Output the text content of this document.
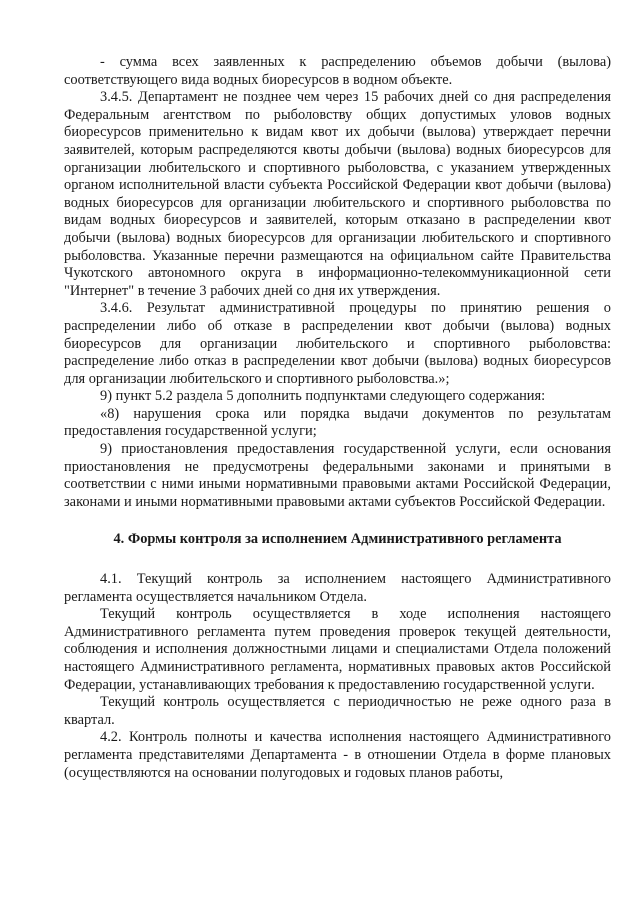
- сумма всех заявленных к распределению объемов добычи (вылова) соответствующего вида водных биоресурсов в водном объекте.

3.4.5. Департамент не позднее чем через 15 рабочих дней со дня распределения Федеральным агентством по рыболовству общих допустимых уловов водных биоресурсов применительно к видам квот их добычи (вылова) утверждает перечни заявителей, которым распределяются квоты добычи (вылова) водных биоресурсов для организации любительского и спортивного рыболовства, с указанием утвержденных органом исполнительной власти субъекта Российской Федерации квот добычи (вылова) водных биоресурсов для организации любительского и спортивного рыболовства по видам водных биоресурсов и заявителей, которым отказано в распределении квот добычи (вылова) водных биоресурсов для организации любительского и спортивного рыболовства. Указанные перечни размещаются на официальном сайте Правительства Чукотского автономного округа в информационно-телекоммуникационной сети "Интернет" в течение 3 рабочих дней со дня их утверждения.

3.4.6. Результат административной процедуры по принятию решения о распределении либо об отказе в распределении квот добычи (вылова) водных биоресурсов для организации любительского и спортивного рыболовства: распределение либо отказ в распределении квот добычи (вылова) водных биоресурсов для организации любительского и спортивного рыболовства.»;

9) пункт 5.2 раздела 5 дополнить подпунктами следующего содержания:

«8) нарушения срока или порядка выдачи документов по результатам предоставления государственной услуги;

9) приостановления предоставления государственной услуги, если основания приостановления не предусмотрены федеральными законами и принятыми в соответствии с ними иными нормативными правовыми актами Российской Федерации, законами и иными нормативными правовыми актами субъектов Российской Федерации.

4. Формы контроля за исполнением Административного регламента

4.1. Текущий контроль за исполнением настоящего Административного регламента осуществляется начальником Отдела.

Текущий контроль осуществляется в ходе исполнения настоящего Административного регламента путем проведения проверок текущей деятельности, соблюдения и исполнения должностными лицами и специалистами Отдела положений настоящего Административного регламента, нормативных правовых актов Российской Федерации, устанавливающих требования к предоставлению государственной услуги.

Текущий контроль осуществляется с периодичностью не реже одного раза в квартал.

4.2. Контроль полноты и качества исполнения настоящего Административного регламента представителями Департамента - в отношении Отдела в форме плановых (осуществляются на основании полугодовых и годовых планов работы,
